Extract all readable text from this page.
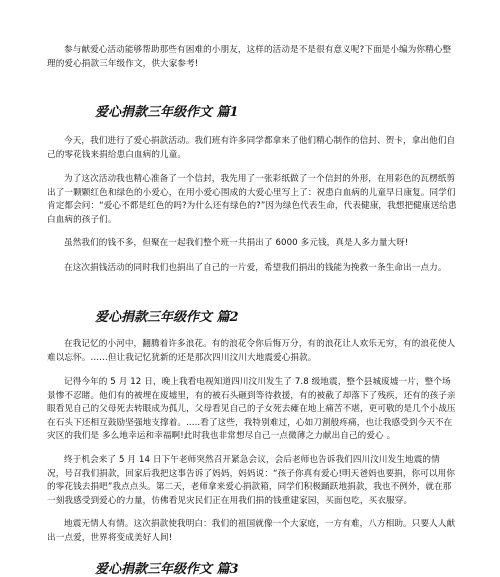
参与献爱心活动能够帮助那些有困难的小朋友，这样的活动是不是很有意义呢?下面是小编为你精心整理的爱心捐款三年级作文，供大家参考!

爱心捐款三年级作文 篇1

今天，我们进行了爱心捐款活动。我们班有许多同学都拿来了他们精心制作的信封、贺卡，拿出他们自己的零花钱来捐给患白血病的儿童。

为了这次活动我也精心准备了一个信封，我先用了一张彩纸做了一个信封的外形，在用彩色的瓦楞纸剪出了一颗颗红色和绿色的小爱心，在用小爱心围成的大爱心里写上了：祝患白血病的儿童早日康复。同学们肯定都会问：“爱心不都是红色的吗?为什么还有绿色的?”因为绿色代表生命，代表健康，我想把健康送给患白血病的孩子们。

虽然我们的钱不多，但聚在一起我们整个班一共捐出了 6000 多元钱，真是人多力量大呀!

在这次捐钱活动的同时我们也捐出了自己的一片爱，希望我们捐出的钱能为挽救一条生命出一点力。

爱心捐款三年级作文 篇2

在我记忆的小河中，翻腾着许多浪花。有的浪花令你后悔万分，有的浪花让人欢乐无穷，有的浪花使人难以忘怀。……但让我记忆犹新的还是那次四川汶川大地震爱心捐款。

记得今年的 5 月 12 日，晚上我看电视知道四川汶川发生了 7.8 级地震，整个县城废墟一片，整个场景惨不忍睹。他们有的被埋在废墟里，有的被石头砸到等待救援，有的被截了却落下了残疾，还有的孩子亲眼看见自己的父母死去转眼成为孤儿，父母看见自己的子女死去瘫在地上痛苦不堪，更可敬的是几个小战压在石头下还相互鼓励坚强地支撑着。.....看了这些，我特别难过，心如刀割般疼痛，也让我感受到今天不在灾区的我们是 多么地幸运和幸福啊!此时我也非常想尽自己一点微薄之力献出自己的爱心 。

终于机会来了 5 月 14 日下午老师突然召开紧急会议，会后老师也告诉我们四川汶川发生地震的情况，号召我们捐款，回家后我把这事告诉了妈妈，妈妈说：“孩子你真有爱心!明天爸妈也要捐，你可以用你的零花钱去捐吧”我点点头。第二天，老师拿来爱心捐款箱，同学们积极踊跃地捐款，我也不例外，就在那一刻我感受到爱心的力量，仿佛看见灾民们正在用我们捐的钱重建家园，买面包吃，买衣服穿。

地震无情人有情。这次捐款使我明白：我们的祖国就像一个大家庭，一方有难，八方相助。只要人人献出一点爱，世界将变成美好人间!

爱心捐款三年级作文 篇3
